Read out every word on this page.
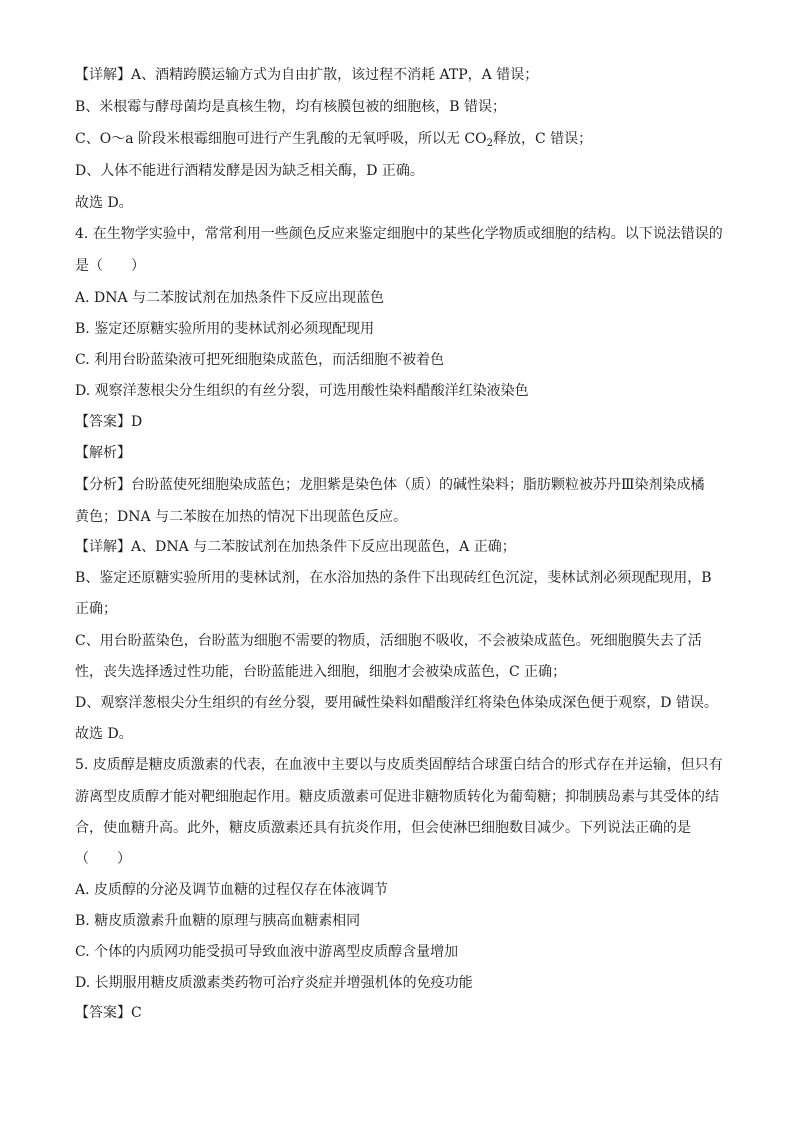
【详解】A、酒精跨膜运输方式为自由扩散，该过程不消耗 ATP，A 错误；
B、米根霉与酵母菌均是真核生物，均有核膜包被的细胞核，B 错误；
C、O～a 阶段米根霉细胞可进行产生乳酸的无氧呼吸，所以无 $CO_2$释放，C 错误；
D、人体不能进行酒精发酵是因为缺乏相关酶，D 正确。
故选 D。
4. 在生物学实验中，常常利用一些颜色反应来鉴定细胞中的某些化学物质或细胞的结构。以下说法错误的
是（　　）
A. DNA 与二苯胺试剂在加热条件下反应出现蓝色
B. 鉴定还原糖实验所用的斐林试剂必须现配现用
C. 利用台盼蓝染液可把死细胞染成蓝色，而活细胞不被着色
D. 观察洋葱根尖分生组织的有丝分裂，可选用酸性染料醋酸洋红染液染色
【答案】D
【解析】
【分析】台盼蓝使死细胞染成蓝色；龙胆紫是染色体（质）的碱性染料；脂肪颗粒被苏丹Ⅲ染剂染成橘
黄色；DNA 与二苯胺在加热的情况下出现蓝色反应。
【详解】A、DNA 与二苯胺试剂在加热条件下反应出现蓝色，A 正确；
B、鉴定还原糖实验所用的斐林试剂，在水浴加热的条件下出现砖红色沉淀，斐林试剂必须现配现用，B
正确；
C、用台盼蓝染色，台盼蓝为细胞不需要的物质，活细胞不吸收，不会被染成蓝色。死细胞膜失去了活
性，丧失选择透过性功能，台盼蓝能进入细胞，细胞才会被染成蓝色，C 正确；
D、观察洋葱根尖分生组织的有丝分裂，要用碱性染料如醋酸洋红将染色体染成深色便于观察，D 错误。
故选 D。
5. 皮质醇是糖皮质激素的代表，在血液中主要以与皮质类固醇结合球蛋白结合的形式存在并运输，但只有
游离型皮质醇才能对靶细胞起作用。糖皮质激素可促进非糖物质转化为葡萄糖；抑制胰岛素与其受体的结
合，使血糖升高。此外，糖皮质激素还具有抗炎作用，但会使淋巴细胞数目减少。下列说法正确的是
（　　）
A. 皮质醇的分泌及调节血糖的过程仅存在体液调节
B. 糖皮质激素升血糖的原理与胰高血糖素相同
C. 个体的内质网功能受损可导致血液中游离型皮质醇含量增加
D. 长期服用糖皮质激素类药物可治疗炎症并增强机体的免疫功能
【答案】C
